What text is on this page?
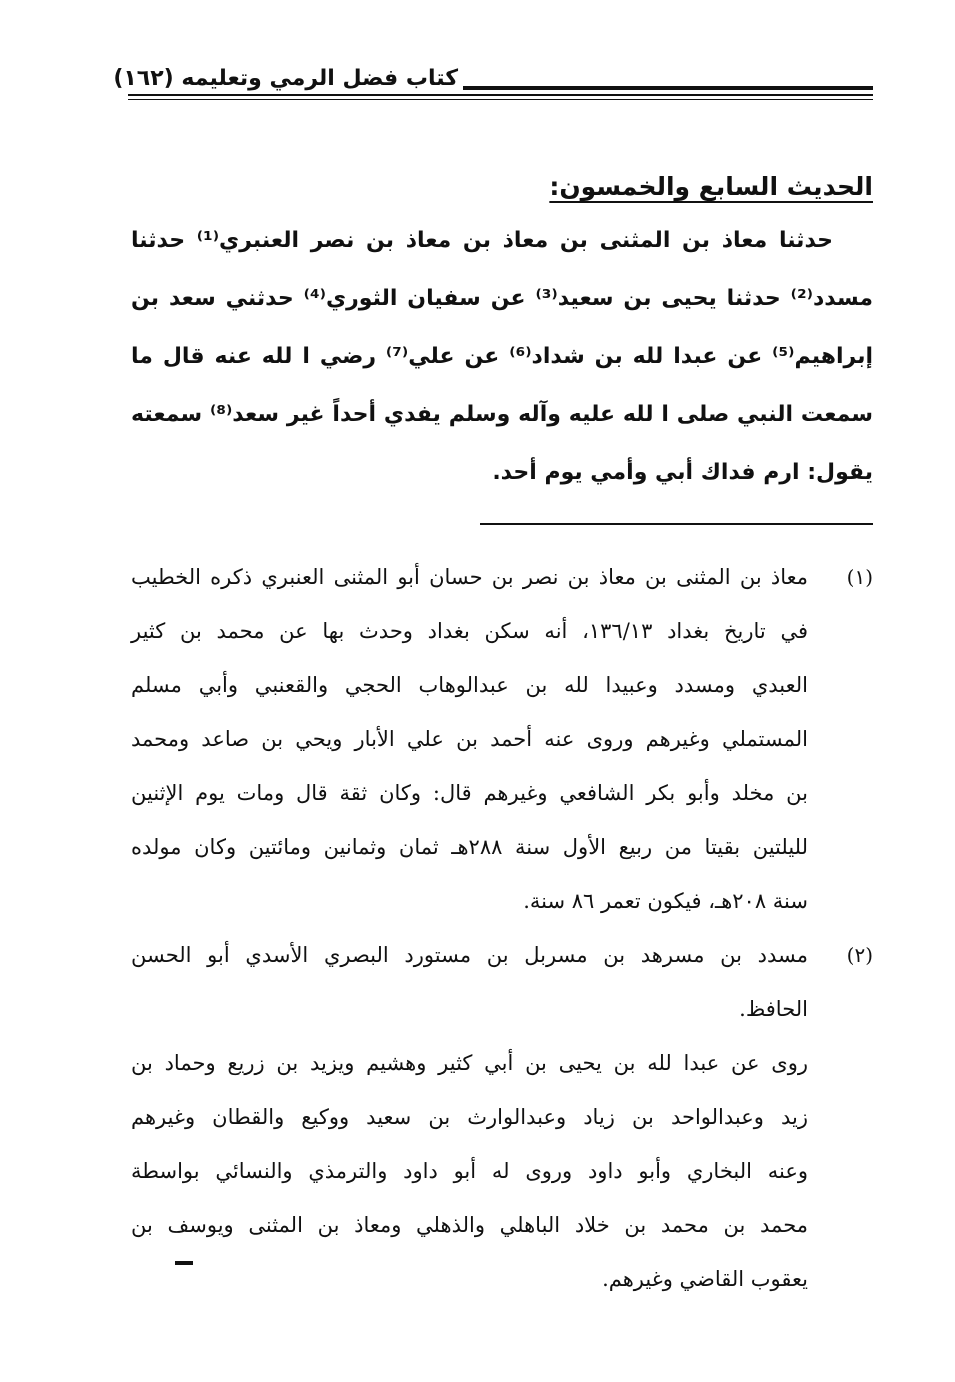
كتاب فضل الرمي وتعليمه (١٦٢)
الحديث السابع والخمسون:
حدثنا معاذ بن المثنى بن معاذ بن معاذ بن نصر العنبري⁽¹⁾ حدثنا
مسدد⁽²⁾ حدثنا يحيى بن سعيد⁽³⁾ عن سفيان الثوري⁽⁴⁾ حدثني سعد بن
إبراهيم⁽⁵⁾ عن عبدا لله بن شداد⁽⁶⁾ عن علي⁽⁷⁾ رضي ا لله عنه قال ما
سمعت النبي صلى ا لله عليه وآله وسلم يفدي أحداً غير سعد⁽⁸⁾ سمعته
يقول: ارم فداك أبي وأمي يوم أحد.
(١)
معاذ بن المثنى بن معاذ بن نصر بن حسان أبو المثنى العنبري ذكره الخطيب
في تاريخ بغداد ١٣٦/١٣، أنه سكن بغداد وحدث بها عن محمد بن كثير
العبدي ومسدد وعبيدا لله بن عبدالوهاب الحجي والقعنبي وأبي مسلم
المستملي وغيرهم وروى عنه أحمد بن علي الأبار ويحي بن صاعد ومحمد
بن مخلد وأبو بكر الشافعي وغيرهم قال: وكان ثقة قال ومات يوم الإثنين
لليلتين بقيتا من ربيع الأول سنة ٢٨٨هـ ثمان وثمانين ومائتين وكان مولده
سنة ٢٠٨هـ، فيكون تعمر ٨٦ سنة.
(٢)
مسدد بن مسرهد بن مسربل بن مستورد البصري الأسدي أبو الحسن
الحافظ.
روى عن عبدا لله بن يحيى بن أبي كثير وهشيم ويزيد بن زريع وحماد بن
زيد وعبدالواحد بن زياد وعبدالوارث بن سعيد ووكيع والقطان وغيرهم
وعنه البخاري وأبو داود وروى له أبو داود والترمذي والنسائي بواسطة
محمد بن محمد بن خلاد الباهلي والذهلي ومعاذ بن المثنى ويوسف بن
يعقوب القاضي وغيرهم.
